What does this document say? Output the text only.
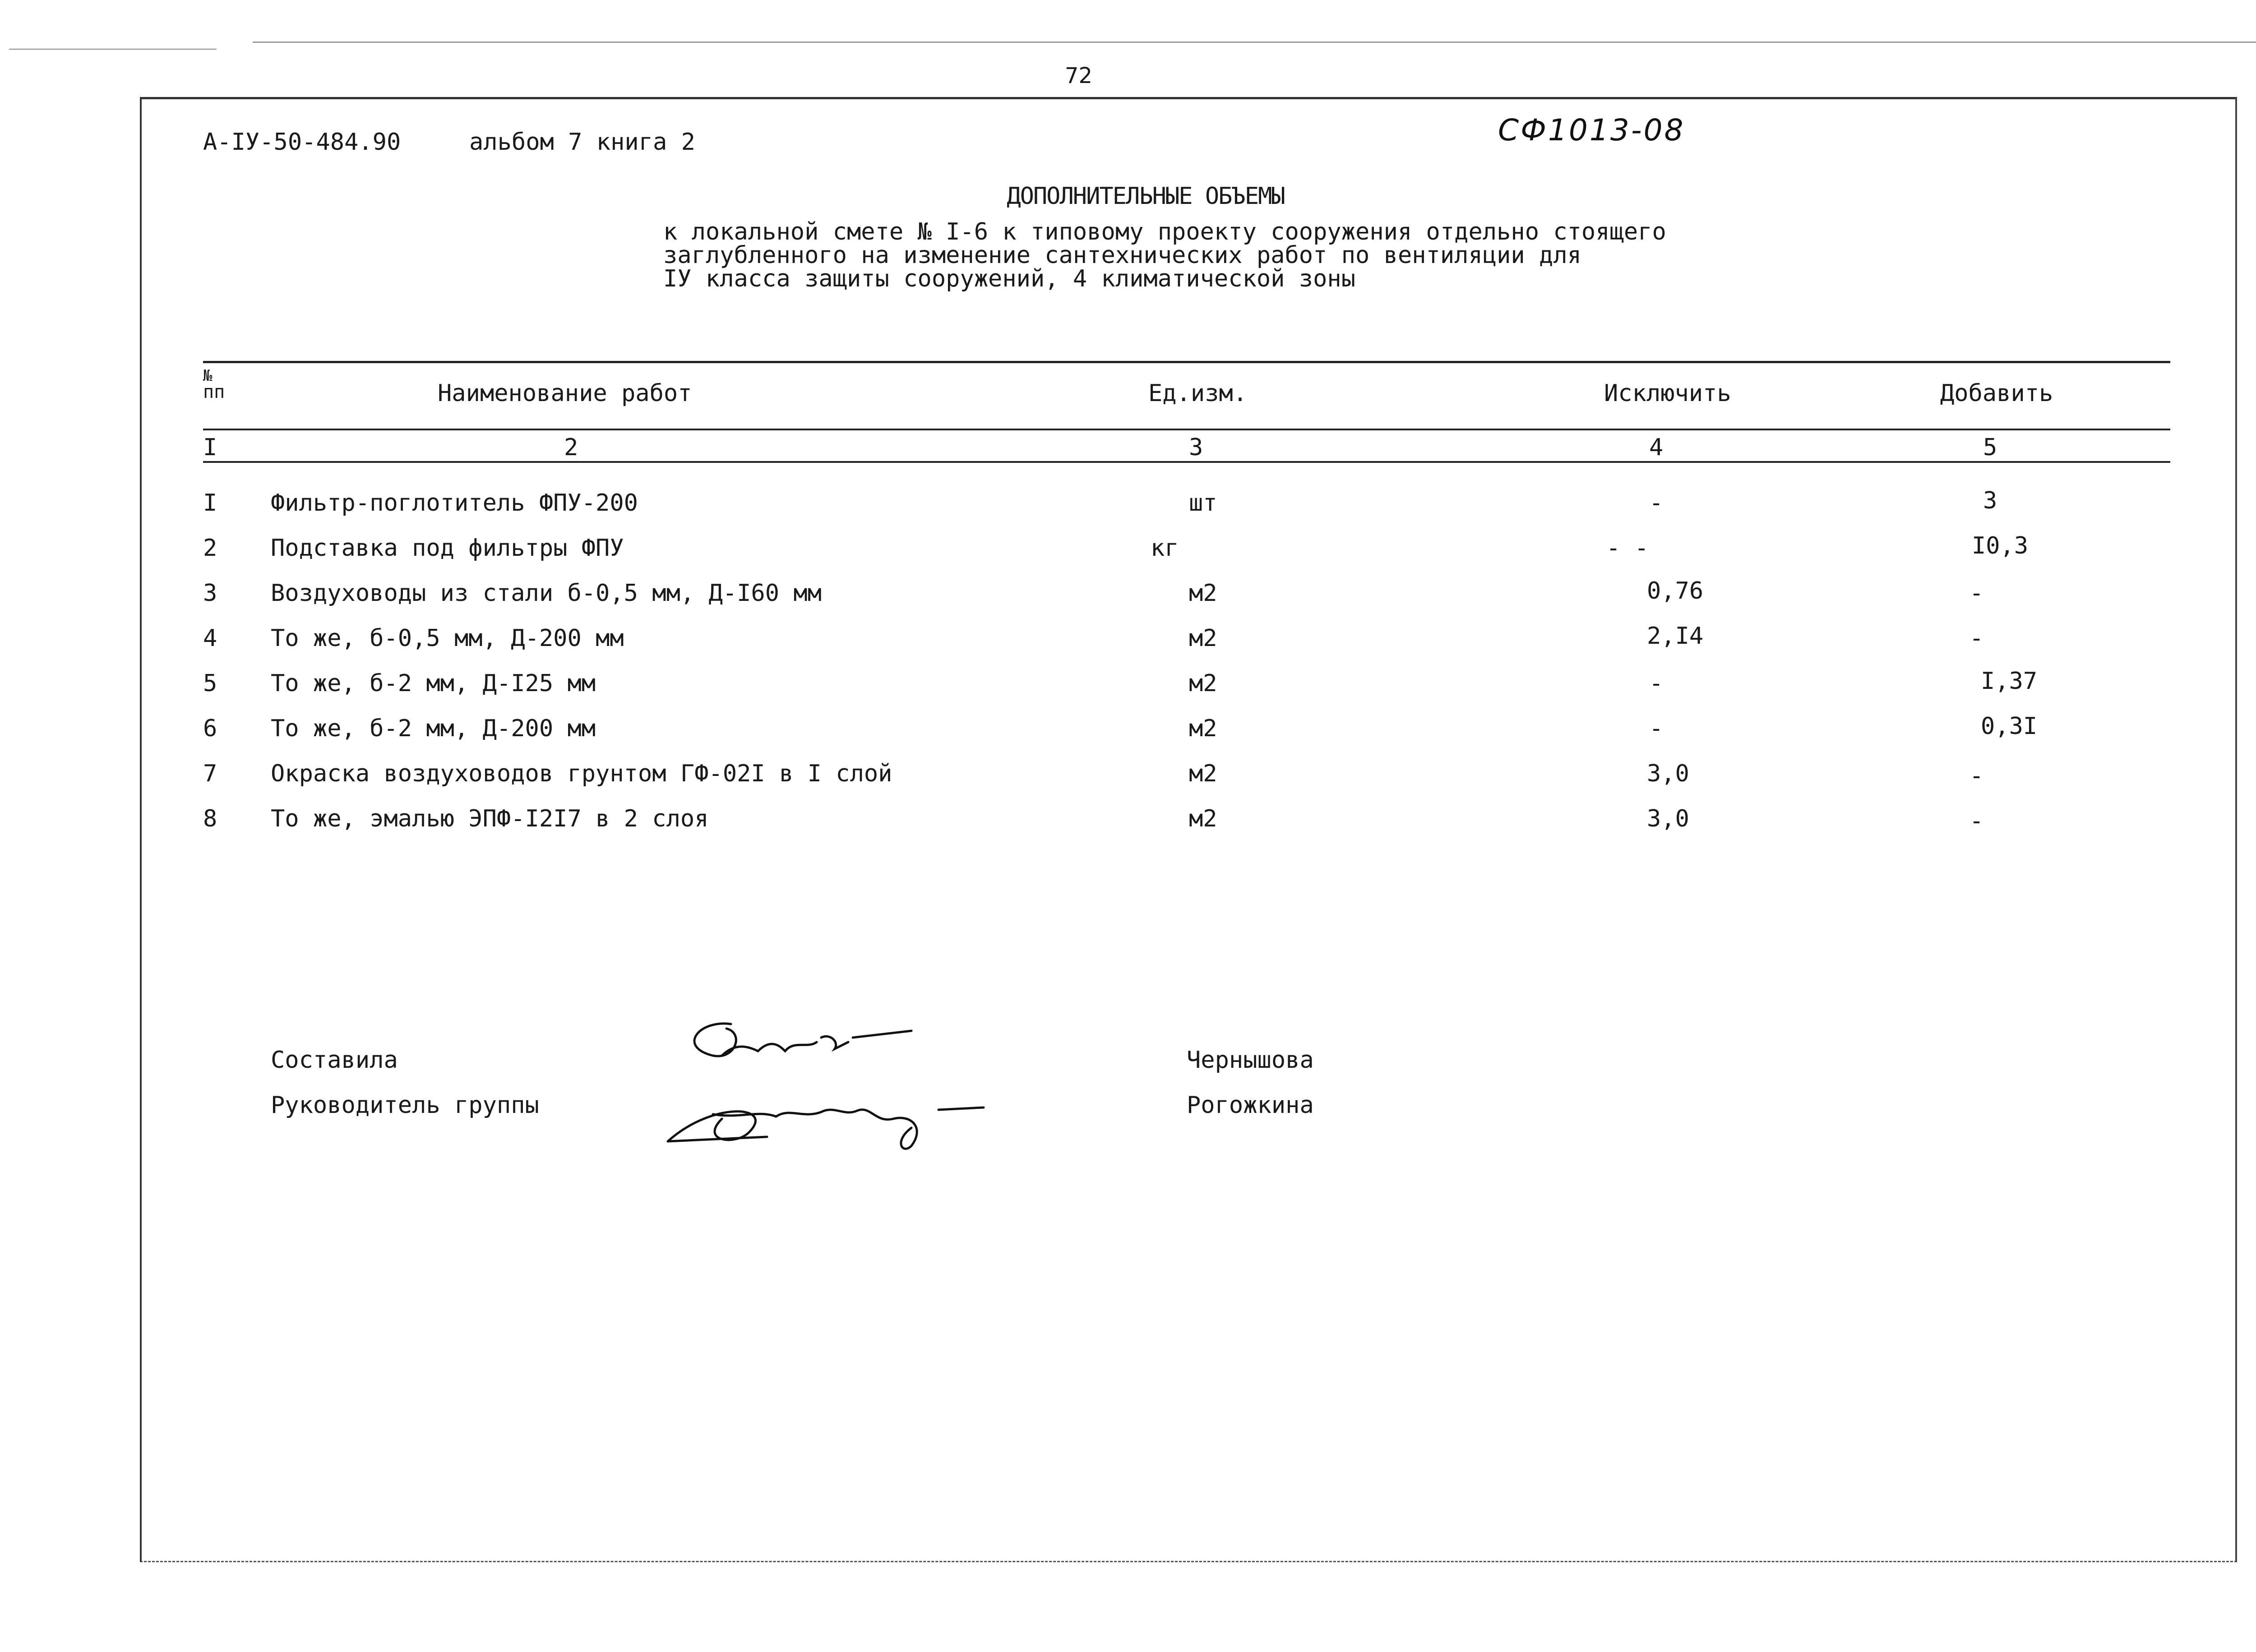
72
А-IУ-50-484.90	альбом 7 книга 2	СФ1013-08
ДОПОЛНИТЕЛЬНЫЕ ОБЪЕМЫ
к локальной смете № I-6 к типовому проекту сооружения отдельно стоящего
заглубленного на изменение сантехнических работ по вентиляции для
IУ класса защиты сооружений, 4 климатической зоны
№
пп	Наименование работ	Ед.изм.	Исключить	Добавить
I	2	3	4	5
I Фильтр-поглотитель ФПУ-200	шт	-	3
2 Подставка под фильтры ФПУ	кг	- -	I0,3
3 Воздуховоды из стали б-0,5 мм, Д-I60 мм	м2	0,76	-
4 То же, б-0,5 мм, Д-200 мм	м2	2,I4	-
5 То же, б-2 мм, Д-I25 мм	м2	-	I,37
6 То же, б-2 мм, Д-200 мм	м2	-	0,3I
7 Окраска воздуховодов грунтом ГФ-02I в I слой	м2	3,0	-
8 То же, эмалью ЭПФ-I2I7 в 2 слоя	м2	3,0	-
Составила
Руководитель группы
Чернышова
Рогожкина
